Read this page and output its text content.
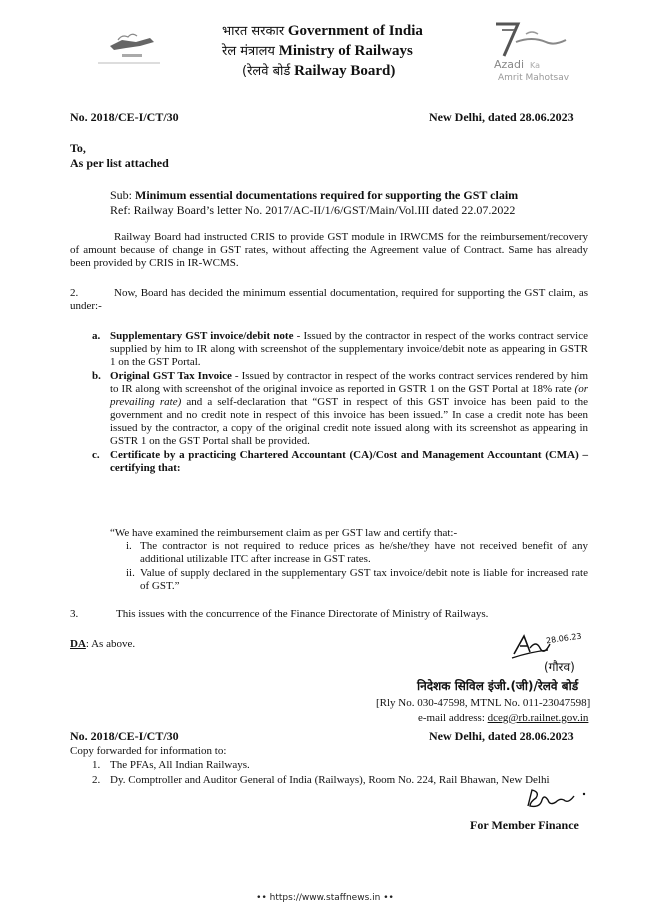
भारत सरकार Government of India
रेल मंत्रालय Ministry of Railways
(रेलवे बोर्ड Railway Board)	Azadi Ka
Amrit Mahotsav
No. 2018/CE-I/CT/30	New Delhi, dated 28.06.2023
To,
As per list attached
Sub: Minimum essential documentations required for supporting the GST claim
Ref: Railway Board’s letter No. 2017/AC-II/1/6/GST/Main/Vol.III dated 22.07.2022
Railway Board had instructed CRIS to provide GST module in IRWCMS for the reimbursement/recovery of amount because of change in GST rates, without affecting the Agreement value of Contract. Same has already been provided by CRIS in IR-WCMS.
2.	Now, Board has decided the minimum essential documentation, required for supporting the GST claim, as under:-
a. Supplementary GST invoice/debit note - Issued by the contractor in respect of the works contract service supplied by him to IR along with screenshot of the supplementary invoice/debit note as appearing in GSTR 1 on the GST Portal.
b. Original GST Tax Invoice - Issued by contractor in respect of the works contract services rendered by him to IR along with screenshot of the original invoice as reported in GSTR 1 on the GST Portal at 18% rate (or prevailing rate) and a self-declaration that “GST in respect of this GST invoice has been paid to the government and no credit note in respect of this invoice has been issued.” In case a credit note has been issued by the contractor, a copy of the original credit note issued along with its screenshot as appearing in GSTR 1 on the GST Portal shall be provided.
c. Certificate by a practicing Chartered Accountant (CA)/Cost and Management Accountant (CMA) – certifying that:
“We have examined the reimbursement claim as per GST law and certify that:-
i. The contractor is not required to reduce prices as he/she/they have not received benefit of any additional utilizable ITC after increase in GST rates.
ii. Value of supply declared in the supplementary GST tax invoice/debit note is liable for increased rate of GST.”
3.	This issues with the concurrence of the Finance Directorate of Ministry of Railways.
DA: As above.	28.06.23
(गौरव)
निदेशक सिविल इंजी.(जी)/रेलवे बोर्ड
[Rly No. 030-47598, MTNL No. 011-23047598]
e-mail address: dceg@rb.railnet.gov.in
No. 2018/CE-I/CT/30	New Delhi, dated 28.06.2023
Copy forwarded for information to:
1. The PFAs, All Indian Railways.
2. Dy. Comptroller and Auditor General of India (Railways), Room No. 224, Rail Bhawan, New Delhi
For Member Finance
•• https://www.staffnews.in ••
